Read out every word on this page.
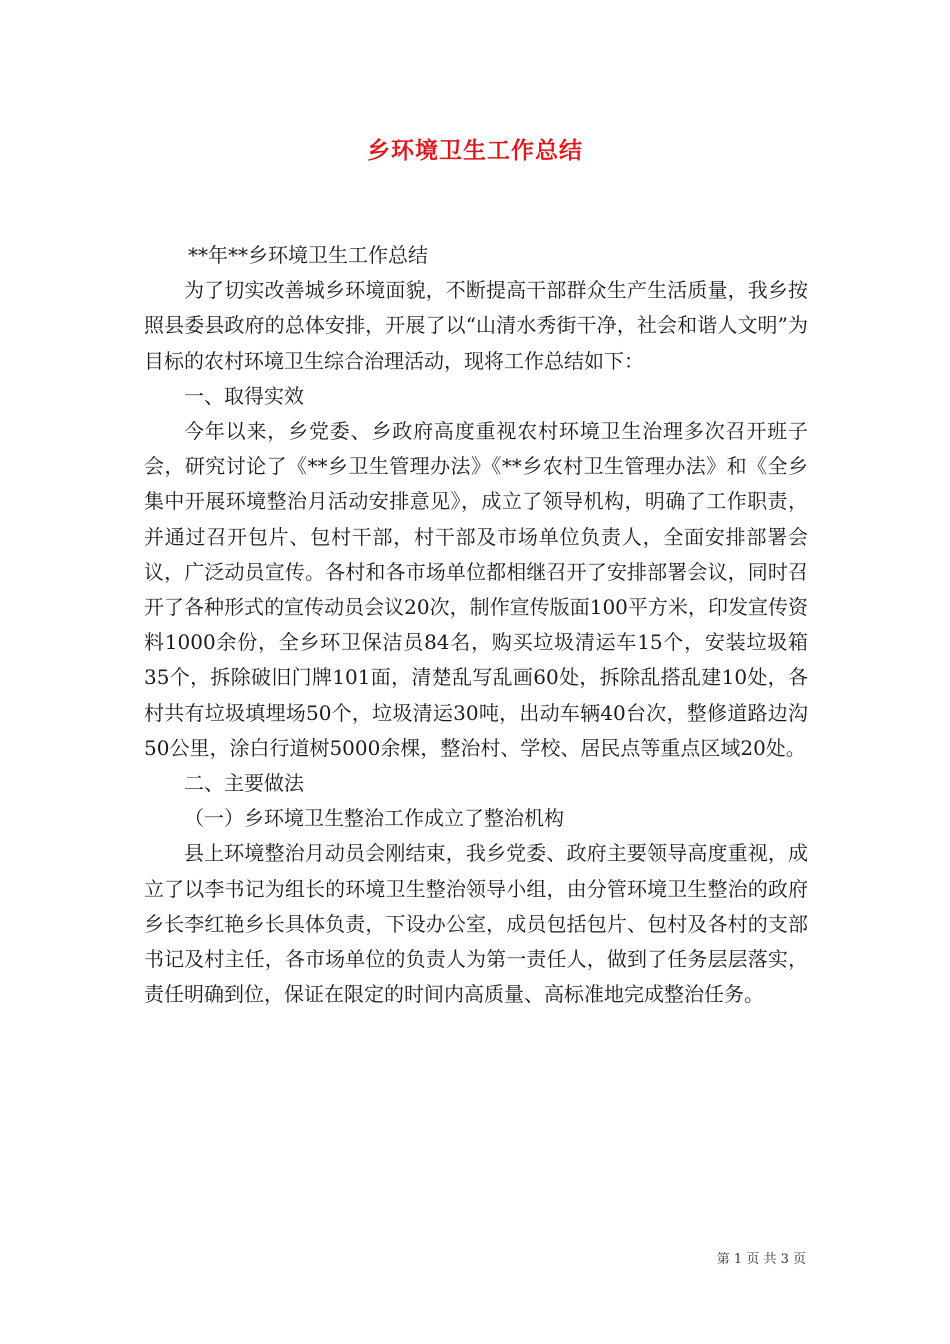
乡环境卫生工作总结

**年**乡环境卫生工作总结

为了切实改善城乡环境面貌，不断提高干部群众生产生活质量，我乡按照县委县政府的总体安排，开展了以“山清水秀街干净，社会和谐人文明”为目标的农村环境卫生综合治理活动，现将工作总结如下：

一、取得实效

今年以来，乡党委、乡政府高度重视农村环境卫生治理多次召开班子会，研究讨论了《**乡卫生管理办法》《**乡农村卫生管理办法》和《全乡集中开展环境整治月活动安排意见》，成立了领导机构，明确了工作职责，并通过召开包片、包村干部，村干部及市场单位负责人，全面安排部署会议，广泛动员宣传。各村和各市场单位都相继召开了安排部署会议，同时召开了各种形式的宣传动员会议20次，制作宣传版面100平方米，印发宣传资料1000余份，全乡环卫保洁员84名，购买垃圾清运车15个，安装垃圾箱35个，拆除破旧门牌101面，清楚乱写乱画60处，拆除乱搭乱建10处，各村共有垃圾填埋场50个，垃圾清运30吨，出动车辆40台次，整修道路边沟50公里，涂白行道树5000余棵，整治村、学校、居民点等重点区域20处。

二、主要做法

（一）乡环境卫生整治工作成立了整治机构

县上环境整治月动员会刚结束，我乡党委、政府主要领导高度重视，成立了以李书记为组长的环境卫生整治领导小组，由分管环境卫生整治的政府乡长李红艳乡长具体负责，下设办公室，成员包括包片、包村及各村的支部书记及村主任，各市场单位的负责人为第一责任人，做到了任务层层落实，责任明确到位，保证在限定的时间内高质量、高标准地完成整治任务。

第 1 页 共 3 页
